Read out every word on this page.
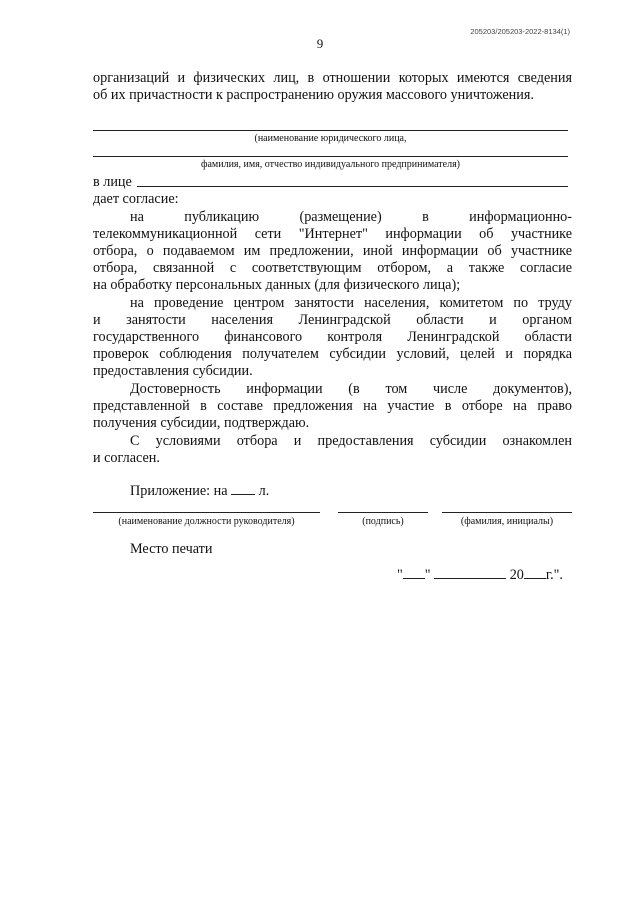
205203/205203-2022-8134(1)
9
организаций и физических лиц, в отношении которых имеются сведения
об их причастности к распространению оружия массового уничтожения.
(наименование юридического лица,
фамилия, имя, отчество индивидуального предпринимателя)
в лице
дает согласие:
на публикацию (размещение) в информационно-
телекоммуникационной сети "Интернет" информации об участнике
отбора, о подаваемом им предложении, иной информации об участнике
отбора, связанной с соответствующим отбором, а также согласие
на обработку персональных данных (для физического лица);
на проведение центром занятости населения, комитетом по труду
и занятости населения Ленинградской области и органом
государственного финансового контроля Ленинградской области
проверок соблюдения получателем субсидии условий, целей и порядка
предоставления субсидии.
Достоверность информации (в том числе документов),
представленной в составе предложения на участие в отборе на право
получения субсидии, подтверждаю.
С условиями отбора и предоставления субсидии ознакомлен
и согласен.
Приложение: на л.
(наименование должности руководителя)	(подпись)	(фамилия, инициалы)
Место печати
" "	20 г.".
